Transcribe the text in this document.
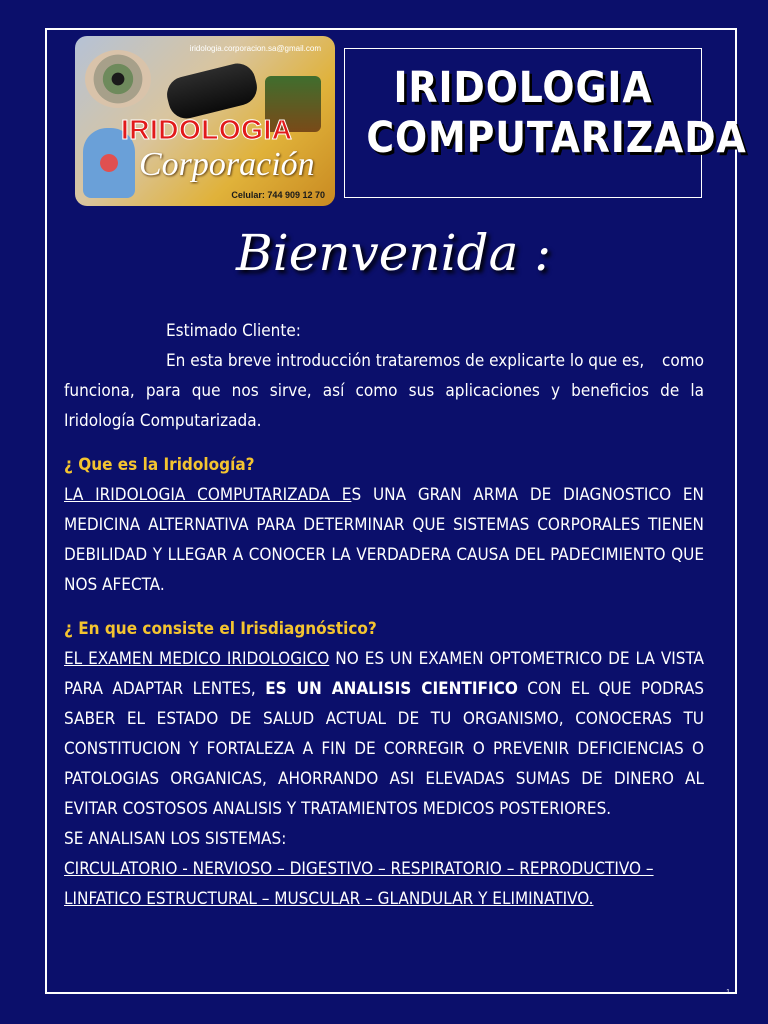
iridologia.corporacion.sa@gmail.com
IRIDOLOGIA
Corporación
Celular: 744 909 12 70
IRIDOLOGIA
COMPUTARIZADA
Bienvenida :

Estimado Cliente:

En esta breve introducción trataremos de explicarte lo que es, como funciona, para que nos sirve, así como sus aplicaciones y beneficios de la Iridología Computarizada.

¿ Que es la Iridología?

LA IRIDOLOGIA COMPUTARIZADA ES UNA GRAN ARMA DE DIAGNOSTICO EN MEDICINA ALTERNATIVA PARA DETERMINAR QUE SISTEMAS CORPORALES TIENEN DEBILIDAD Y LLEGAR A CONOCER LA VERDADERA CAUSA DEL PADECIMIENTO QUE NOS AFECTA.

¿ En que consiste el Irisdiagnóstico?

EL EXAMEN MEDICO IRIDOLOGICO NO ES UN EXAMEN OPTOMETRICO DE LA VISTA PARA ADAPTAR LENTES, ES UN ANALISIS CIENTIFICO CON EL QUE PODRAS SABER EL ESTADO DE SALUD ACTUAL DE TU ORGANISMO, CONOCERAS TU CONSTITUCION Y FORTALEZA A FIN DE CORREGIR O PREVENIR DEFICIENCIAS O PATOLOGIAS ORGANICAS, AHORRANDO ASI ELEVADAS SUMAS DE DINERO AL EVITAR COSTOSOS ANALISIS Y TRATAMIENTOS MEDICOS POSTERIORES.

SE ANALISAN LOS SISTEMAS:

CIRCULATORIO - NERVIOSO – DIGESTIVO – RESPIRATORIO – REPRODUCTIVO –

LINFATICO ESTRUCTURAL – MUSCULAR – GLANDULAR Y ELIMINATIVO.

1
